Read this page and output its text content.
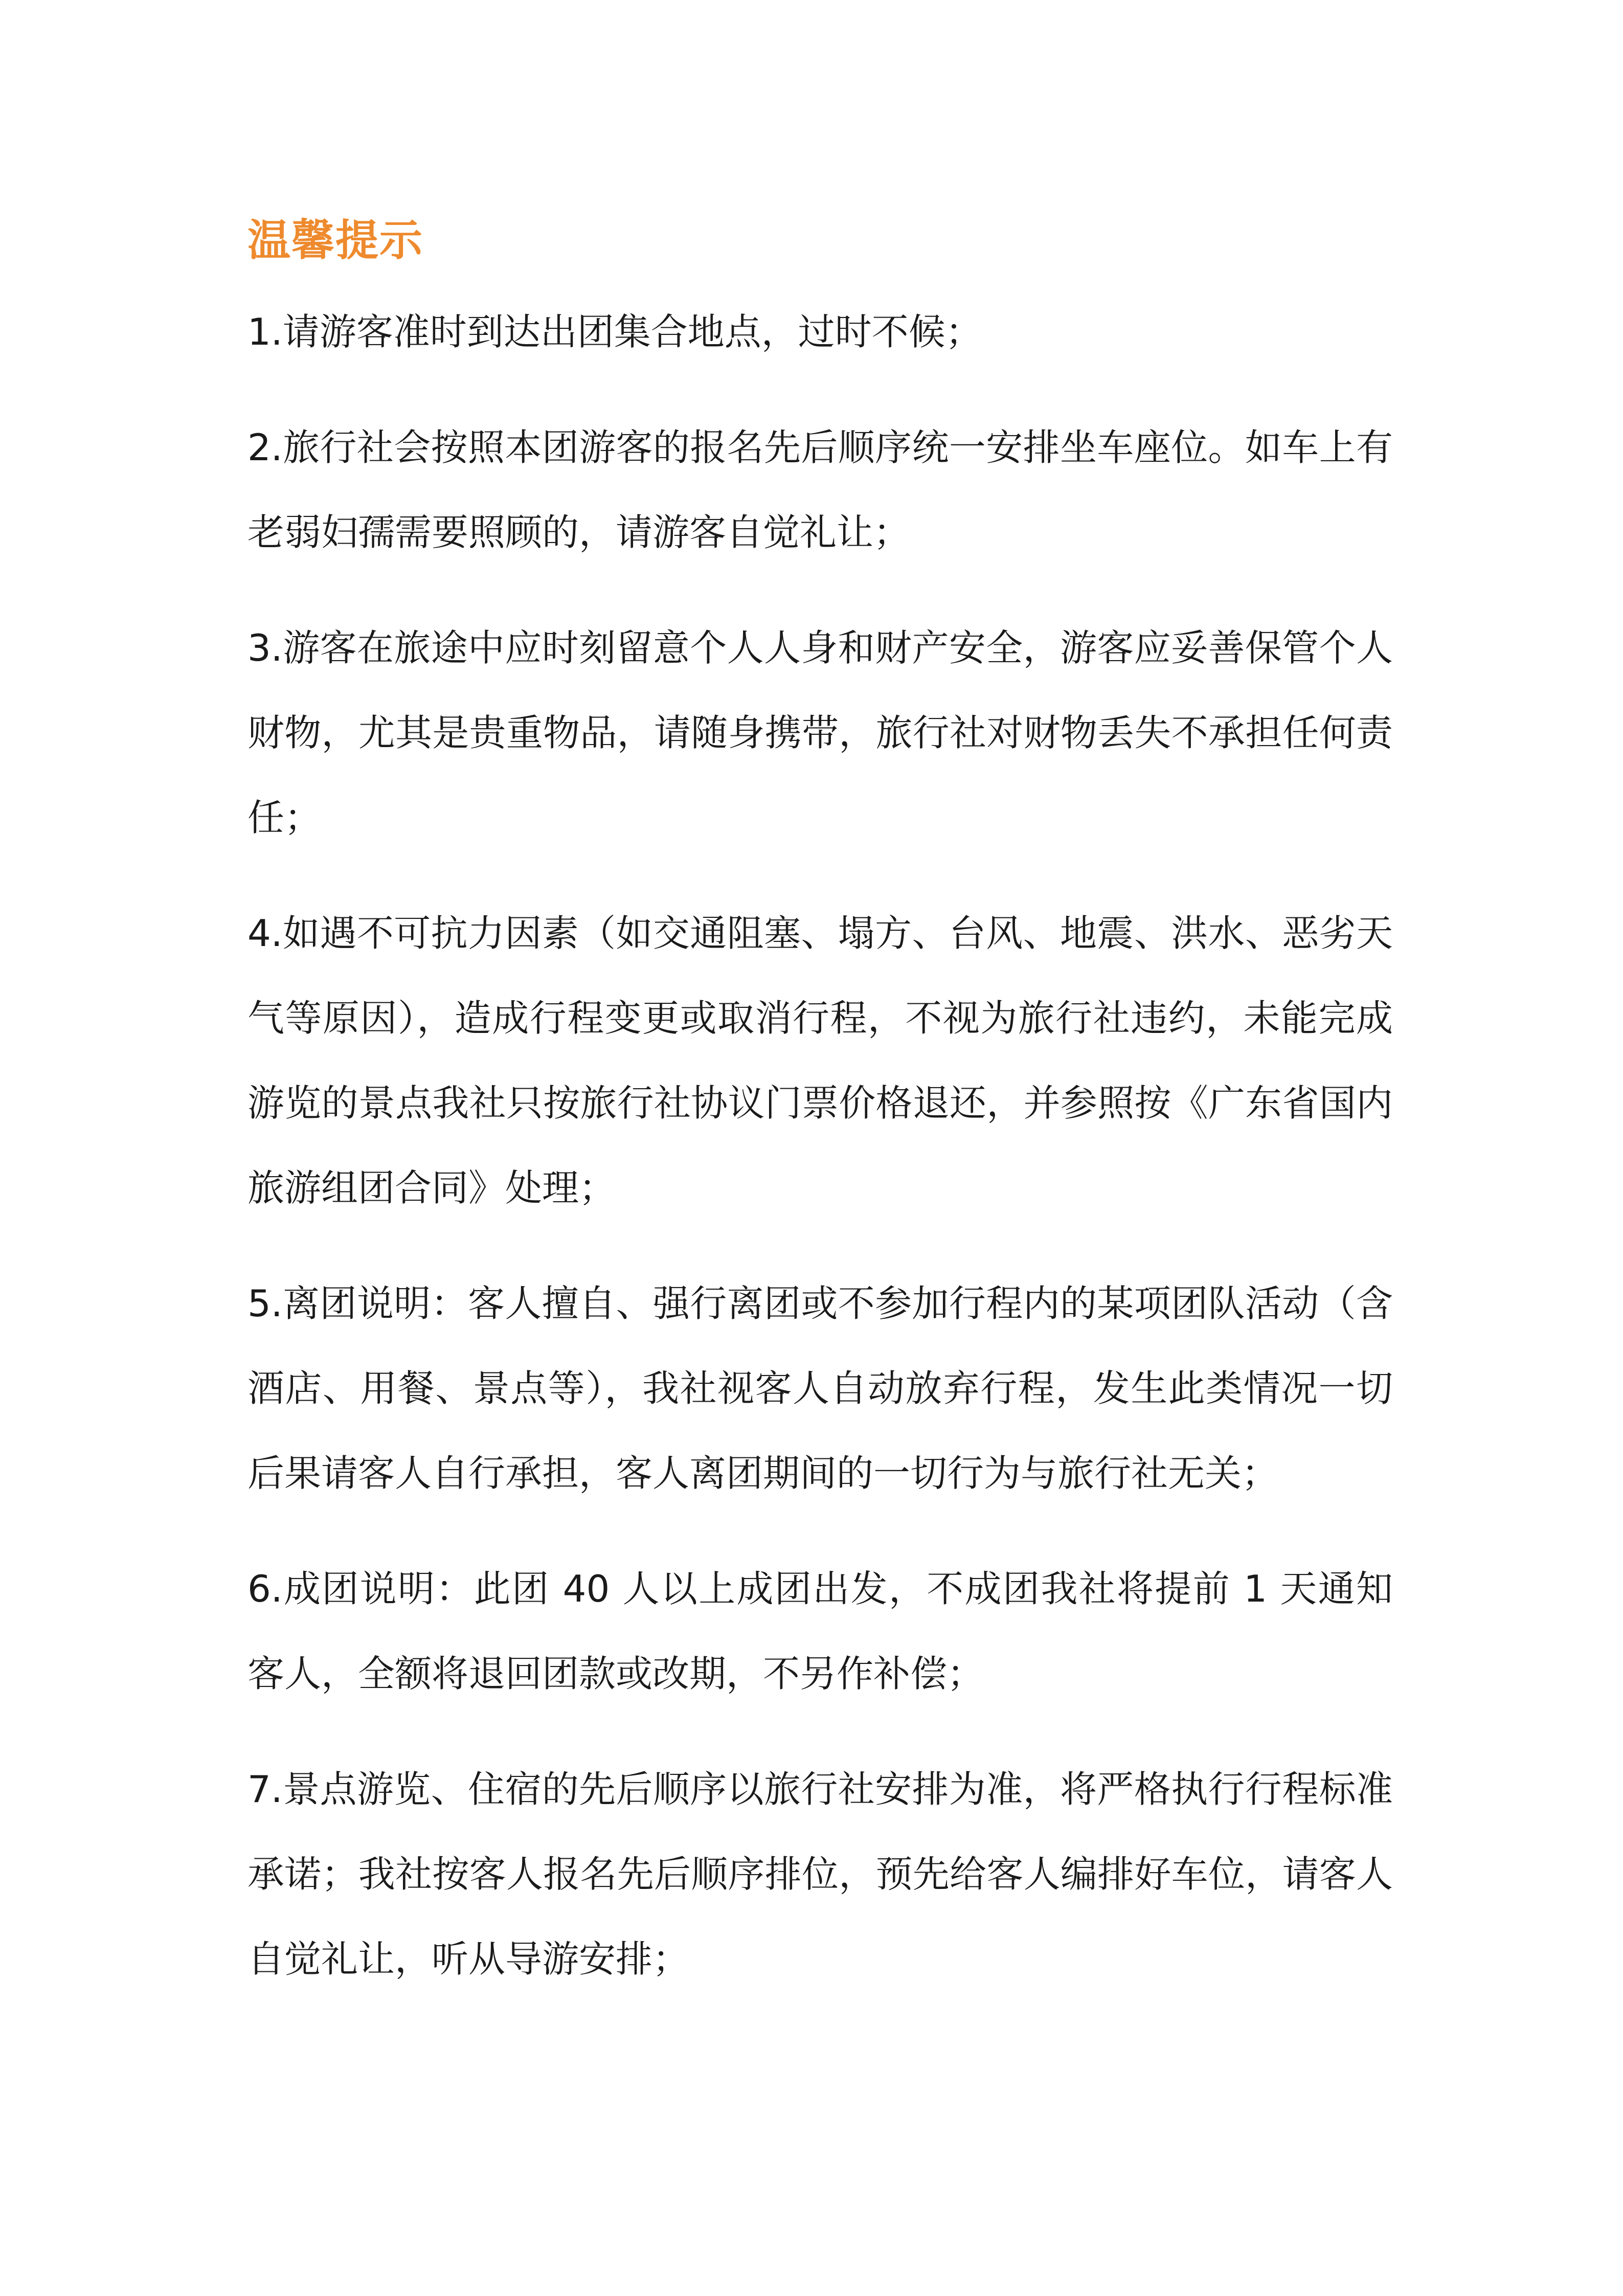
温馨提示

1.请游客准时到达出团集合地点，过时不候；

2.旅行社会按照本团游客的报名先后顺序统一安排坐车座位。如车上有老弱妇孺需要照顾的，请游客自觉礼让；

3.游客在旅途中应时刻留意个人人身和财产安全，游客应妥善保管个人财物，尤其是贵重物品，请随身携带，旅行社对财物丢失不承担任何责任；

4.如遇不可抗力因素（如交通阻塞、塌方、台风、地震、洪水、恶劣天气等原因），造成行程变更或取消行程，不视为旅行社违约，未能完成游览的景点我社只按旅行社协议门票价格退还，并参照按《广东省国内旅游组团合同》处理；

5.离团说明：客人擅自、强行离团或不参加行程内的某项团队活动（含酒店、用餐、景点等），我社视客人自动放弃行程，发生此类情况一切后果请客人自行承担，客人离团期间的一切行为与旅行社无关；

6.成团说明：此团 40 人以上成团出发，不成团我社将提前 1 天通知客人，全额将退回团款或改期，不另作补偿；

7.景点游览、住宿的先后顺序以旅行社安排为准，将严格执行行程标准承诺；我社按客人报名先后顺序排位，预先给客人编排好车位，请客人自觉礼让，听从导游安排；
